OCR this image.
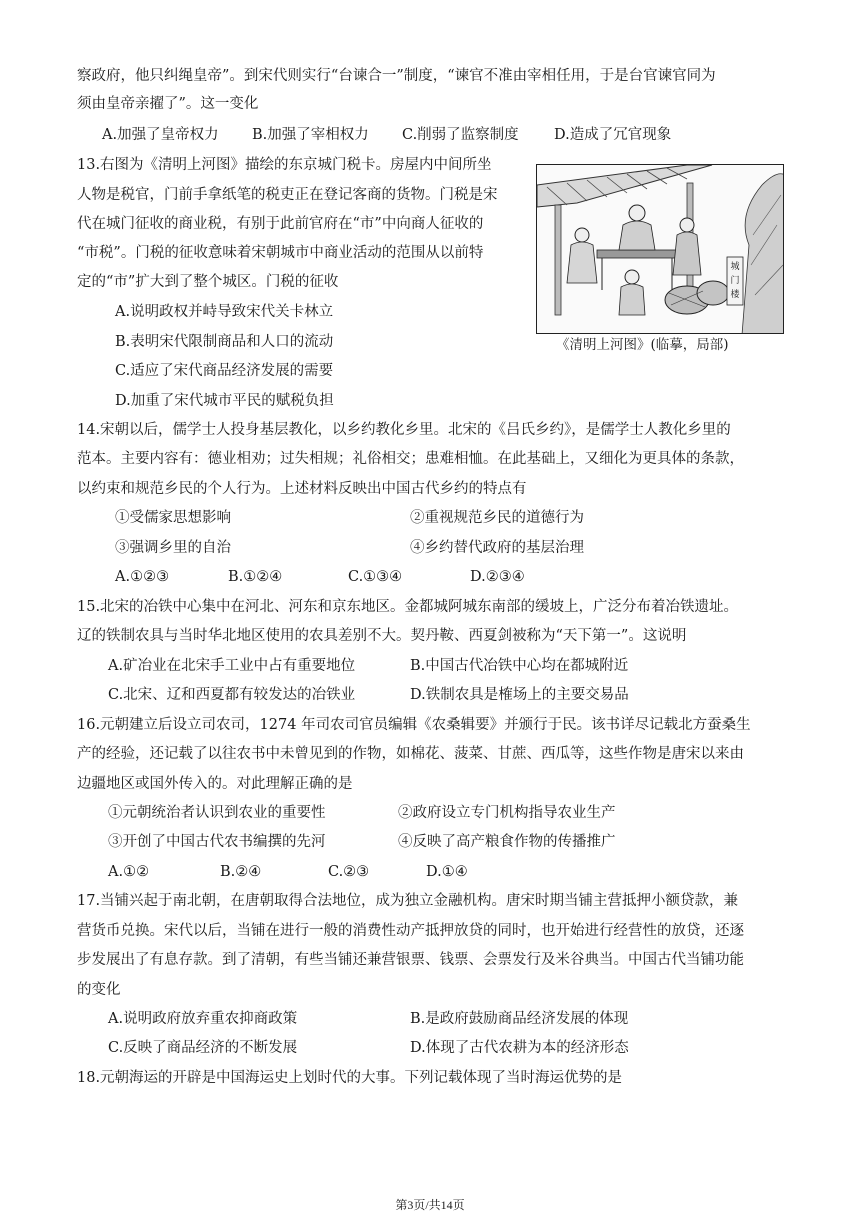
察政府，他只纠绳皇帝”。到宋代则实行“台谏合一”制度，“谏官不准由宰相任用，于是台官谏官同为
须由皇帝亲擢了”。这一变化
A.加强了皇帝权力 B.加强了宰相权力 C.削弱了监察制度 D.造成了冗官现象
13.右图为《清明上河图》描绘的东京城门税卡。房屋内中间所坐
人物是税官，门前手拿纸笔的税吏正在登记客商的货物。门税是宋
代在城门征收的商业税，有别于此前官府在“市”中向商人征收的
“市税”。门税的征收意味着宋朝城市中商业活动的范围从以前特
定的“市”扩大到了整个城区。门税的征收
A.说明政权并峙导致宋代关卡林立
B.表明宋代限制商品和人口的流动
C.适应了宋代商品经济发展的需要
D.加重了宋代城市平民的赋税负担
城
门
楼
《清明上河图》(临摹，局部)
14.宋朝以后，儒学士人投身基层教化，以乡约教化乡里。北宋的《吕氏乡约》，是儒学士人教化乡里的
范本。主要内容有：德业相劝；过失相规；礼俗相交；患难相恤。在此基础上，又细化为更具体的条款，
以约束和规范乡民的个人行为。上述材料反映出中国古代乡约的特点有
①受儒家思想影响	②重视规范乡民的道德行为
③强调乡里的自治	④乡约替代政府的基层治理
A.①②③	B.①②④	C.①③④	D.②③④
15.北宋的冶铁中心集中在河北、河东和京东地区。金都城阿城东南部的缓坡上，广泛分布着冶铁遗址。
辽的铁制农具与当时华北地区使用的农具差别不大。契丹鞍、西夏剑被称为“天下第一”。这说明
A.矿冶业在北宋手工业中占有重要地位	B.中国古代冶铁中心均在都城附近
C.北宋、辽和西夏都有较发达的冶铁业	D.铁制农具是榷场上的主要交易品
16.元朝建立后设立司农司，1274 年司农司官员编辑《农桑辑要》并颁行于民。该书详尽记载北方蚕桑生
产的经验，还记载了以往农书中未曾见到的作物，如棉花、菠菜、甘蔗、西瓜等，这些作物是唐宋以来由
边疆地区或国外传入的。对此理解正确的是
①元朝统治者认识到农业的重要性	②政府设立专门机构指导农业生产
③开创了中国古代农书编撰的先河	④反映了高产粮食作物的传播推广
A.①②	B.②④	C.②③	D.①④
17.当铺兴起于南北朝，在唐朝取得合法地位，成为独立金融机构。唐宋时期当铺主营抵押小额贷款，兼
营货币兑换。宋代以后，当铺在进行一般的消费性动产抵押放贷的同时，也开始进行经营性的放贷，还逐
步发展出了有息存款。到了清朝，有些当铺还兼营银票、钱票、会票发行及米谷典当。中国古代当铺功能
的变化
A.说明政府放弃重农抑商政策	B.是政府鼓励商品经济发展的体现
C.反映了商品经济的不断发展	D.体现了古代农耕为本的经济形态
18.元朝海运的开辟是中国海运史上划时代的大事。下列记载体现了当时海运优势的是
第3页/共14页
